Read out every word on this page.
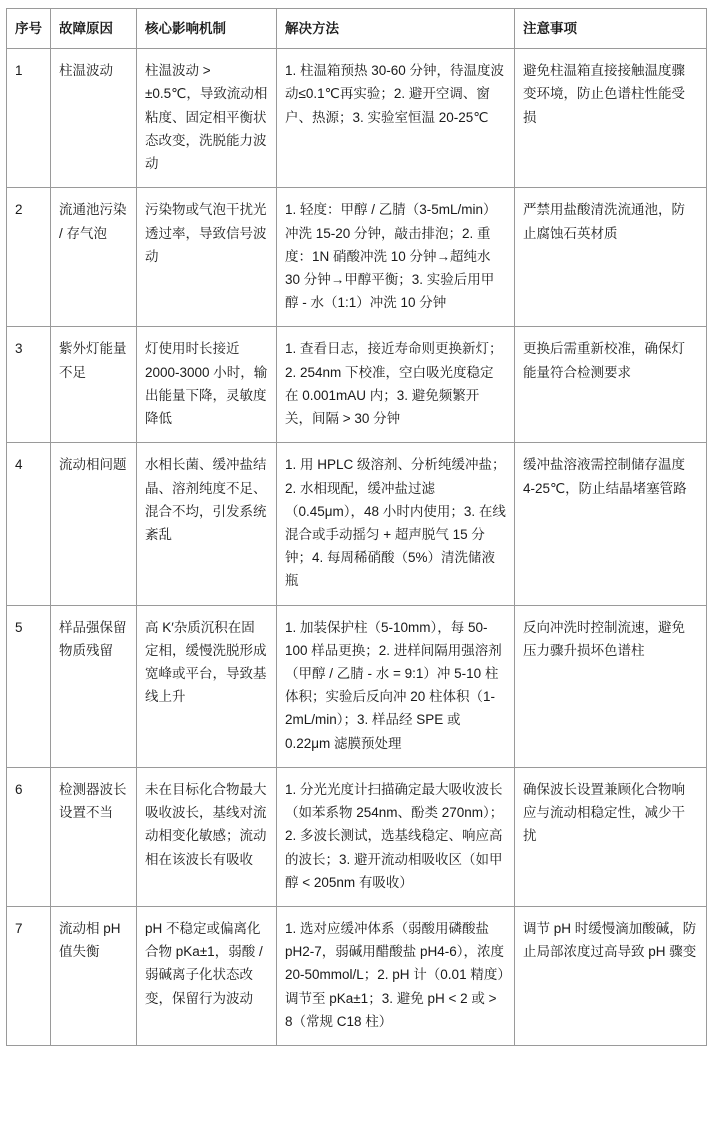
序号	故障原因	核心影响机制	解决方法	注意事项
1	柱温波动	柱温波动 > ±0.5℃，导致流动相粘度、固定相平衡状态改变，洗脱能力波动	1. 柱温箱预热 30-60 分钟，待温度波动≤0.1℃再实验；2. 避开空调、窗户、热源；3. 实验室恒温 20-25℃	避免柱温箱直接接触温度骤变环境，防止色谱柱性能受损
2	流通池污染 / 存气泡	污染物或气泡干扰光透过率，导致信号波动	1. 轻度：甲醇 / 乙腈（3-5mL/min）冲洗 15-20 分钟，敲击排泡；2. 重度：1N 硝酸冲洗 10 分钟→超纯水 30 分钟→甲醇平衡；3. 实验后用甲醇 - 水（1:1）冲洗 10 分钟	严禁用盐酸清洗流通池，防止腐蚀石英材质
3	紫外灯能量不足	灯使用时长接近 2000-3000 小时，输出能量下降，灵敏度降低	1. 查看日志，接近寿命则更换新灯；2. 254nm 下校准，空白吸光度稳定在 0.001mAU 内；3. 避免频繁开关，间隔 > 30 分钟	更换后需重新校准，确保灯能量符合检测要求
4	流动相问题	水相长菌、缓冲盐结晶、溶剂纯度不足、混合不均，引发系统紊乱	1. 用 HPLC 级溶剂、分析纯缓冲盐；2. 水相现配，缓冲盐过滤（0.45μm），48 小时内使用；3. 在线混合或手动摇匀 + 超声脱气 15 分钟；4. 每周稀硝酸（5%）清洗储液瓶	缓冲盐溶液需控制储存温度 4-25℃，防止结晶堵塞管路
5	样品强保留物质残留	高 K′杂质沉积在固定相，缓慢洗脱形成宽峰或平台，导致基线上升	1. 加装保护柱（5-10mm），每 50-100 样品更换；2. 进样间隔用强溶剂（甲醇 / 乙腈 - 水 = 9:1）冲 5-10 柱体积；实验后反向冲 20 柱体积（1-2mL/min）；3. 样品经 SPE 或 0.22μm 滤膜预处理	反向冲洗时控制流速，避免压力骤升损坏色谱柱
6	检测器波长设置不当	未在目标化合物最大吸收波长，基线对流动相变化敏感；流动相在该波长有吸收	1. 分光光度计扫描确定最大吸收波长（如苯系物 254nm、酚类 270nm）；2. 多波长测试，选基线稳定、响应高的波长；3. 避开流动相吸收区（如甲醇 < 205nm 有吸收）	确保波长设置兼顾化合物响应与流动相稳定性，减少干扰
7	流动相 pH 值失衡	pH 不稳定或偏离化合物 pKa±1，弱酸 / 弱碱离子化状态改变，保留行为波动	1. 选对应缓冲体系（弱酸用磷酸盐 pH2-7，弱碱用醋酸盐 pH4-6），浓度 20-50mmol/L；2. pH 计（0.01 精度）调节至 pKa±1；3. 避免 pH < 2 或 > 8（常规 C18 柱）	调节 pH 时缓慢滴加酸碱，防止局部浓度过高导致 pH 骤变
